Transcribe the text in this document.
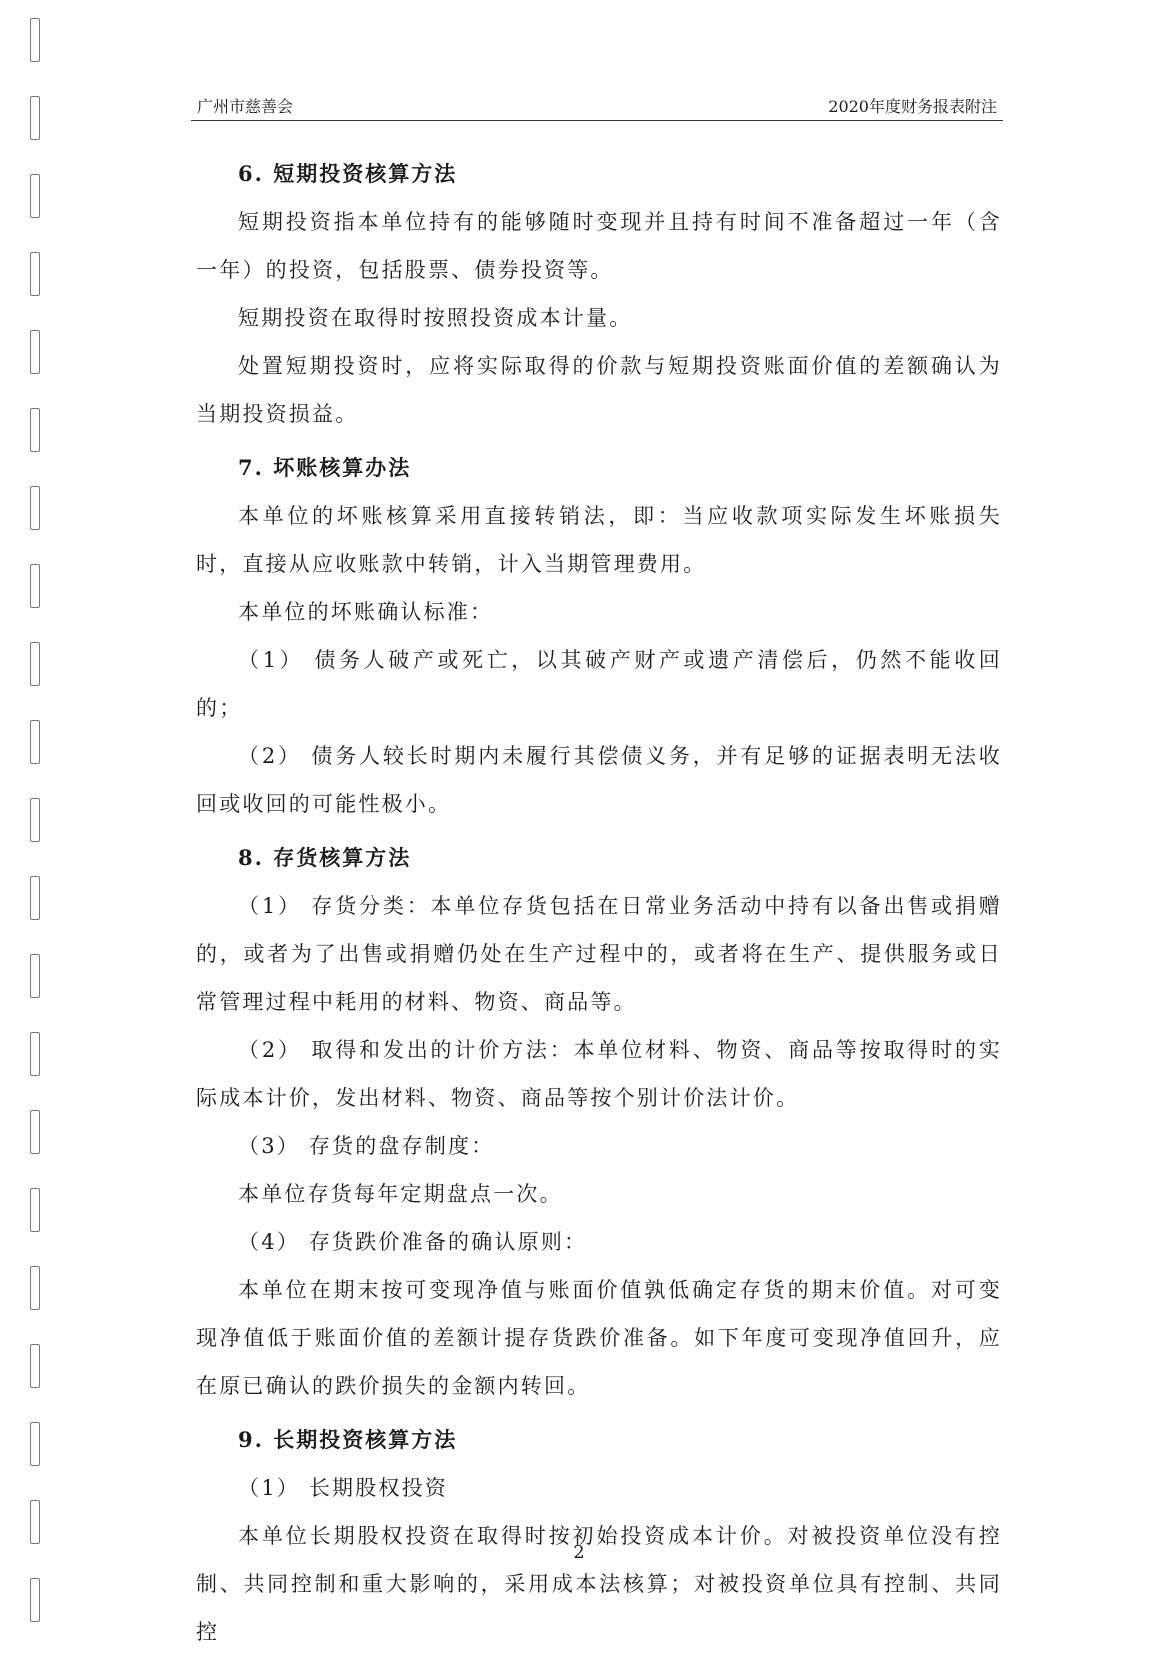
广州市慈善会	2020年度财务报表附注

6. 短期投资核算方法

短期投资指本单位持有的能够随时变现并且持有时间不准备超过一年（含一年）的投资，包括股票、债券投资等。

短期投资在取得时按照投资成本计量。

处置短期投资时，应将实际取得的价款与短期投资账面价值的差额确认为当期投资损益。

7. 坏账核算办法

本单位的坏账核算采用直接转销法，即：当应收款项实际发生坏账损失时，直接从应收账款中转销，计入当期管理费用。

本单位的坏账确认标准：

（1） 债务人破产或死亡，以其破产财产或遗产清偿后，仍然不能收回的；

（2） 债务人较长时期内未履行其偿债义务，并有足够的证据表明无法收回或收回的可能性极小。

8. 存货核算方法

（1） 存货分类：本单位存货包括在日常业务活动中持有以备出售或捐赠的，或者为了出售或捐赠仍处在生产过程中的，或者将在生产、提供服务或日常管理过程中耗用的材料、物资、商品等。

（2） 取得和发出的计价方法：本单位材料、物资、商品等按取得时的实际成本计价，发出材料、物资、商品等按个别计价法计价。

（3） 存货的盘存制度：

本单位存货每年定期盘点一次。

（4） 存货跌价准备的确认原则：

本单位在期末按可变现净值与账面价值孰低确定存货的期末价值。对可变现净值低于账面价值的差额计提存货跌价准备。如下年度可变现净值回升，应在原已确认的跌价损失的金额内转回。

9. 长期投资核算方法

（1） 长期股权投资

本单位长期股权投资在取得时按初始投资成本计价。对被投资单位没有控制、共同控制和重大影响的，采用成本法核算；对被投资单位具有控制、共同控

2
